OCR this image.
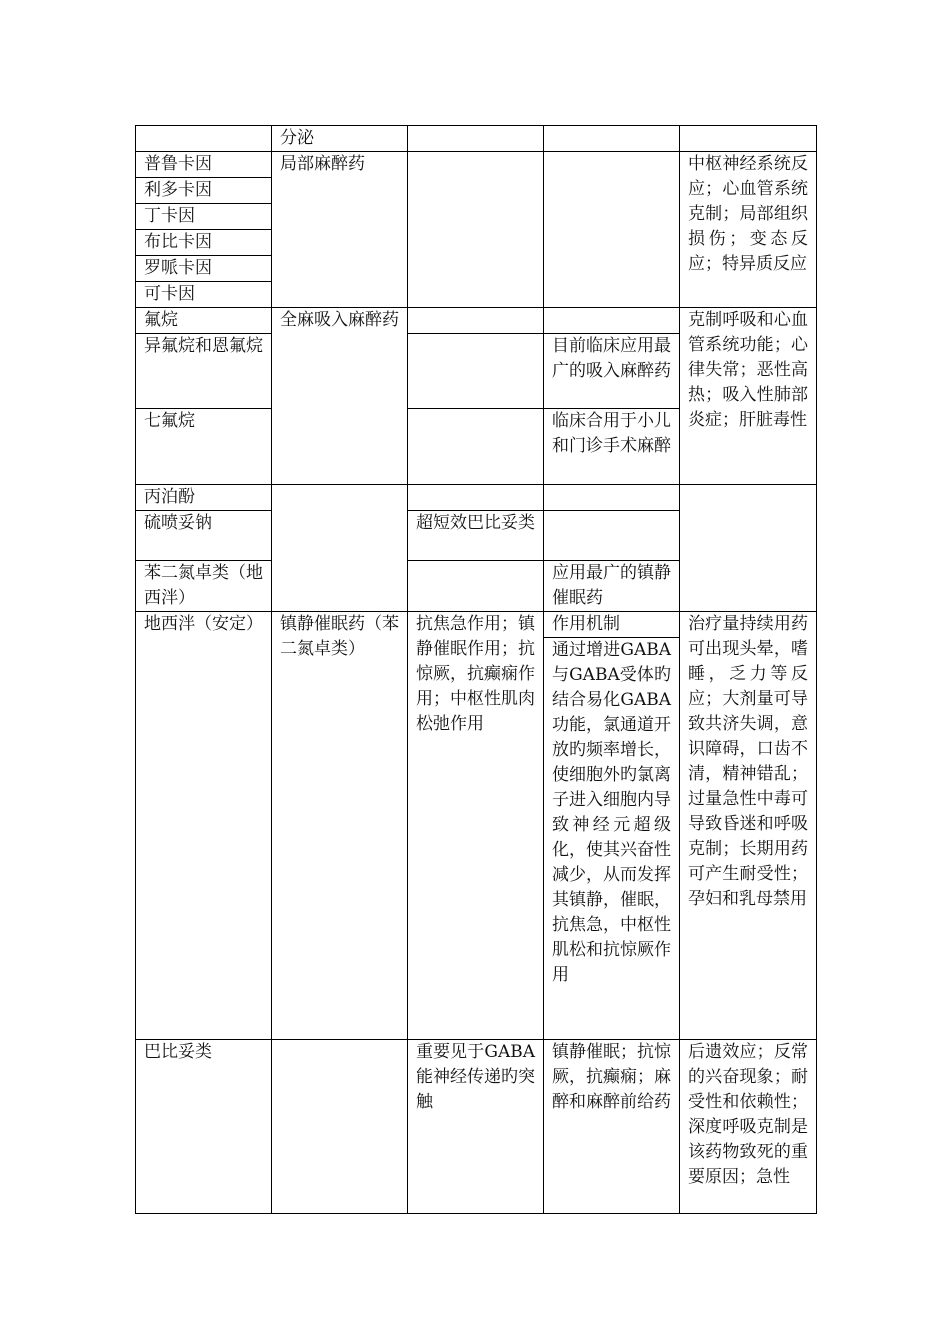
	分泌			
普鲁卡因	局部麻醉药			中枢神经系统反应；心血管系统克制；局部组织损伤；变态反应；特异质反应
利多卡因				
丁卡因				
布比卡因				
罗哌卡因				
可卡因				
氟烷	全麻吸入麻醉药			克制呼吸和心血管系统功能；心律失常；恶性高热；吸入性肺部炎症；肝脏毒性
异氟烷和恩氟烷			目前临床应用最广的吸入麻醉药	
七氟烷			临床合用于小儿和门诊手术麻醉	
丙泊酚				
硫喷妥钠		超短效巴比妥类		
苯二氮卓类（地西泮）			应用最广的镇静催眠药	
地西泮（安定）	镇静催眠药（苯二氮卓类）	抗焦急作用；镇静催眠作用；抗惊厥，抗癫痫作用；中枢性肌肉松弛作用	作用机制	治疗量持续用药可出现头晕，嗜睡，乏力等反应；大剂量可导致共济失调，意识障碍，口齿不清，精神错乱；过量急性中毒可导致昏迷和呼吸克制；长期用药可产生耐受性；孕妇和乳母禁用
			通过增进GABA与GABA受体旳结合易化GABA功能，氯通道开放旳频率增长，使细胞外旳氯离子进入细胞内导致神经元超级化，使其兴奋性减少，从而发挥其镇静，催眠，抗焦急，中枢性肌松和抗惊厥作用	
巴比妥类		重要见于GABA能神经传递旳突触	镇静催眠；抗惊厥，抗癫痫；麻醉和麻醉前给药	后遗效应；反常的兴奋现象；耐受性和依赖性；深度呼吸克制是该药物致死的重要原因；急性
